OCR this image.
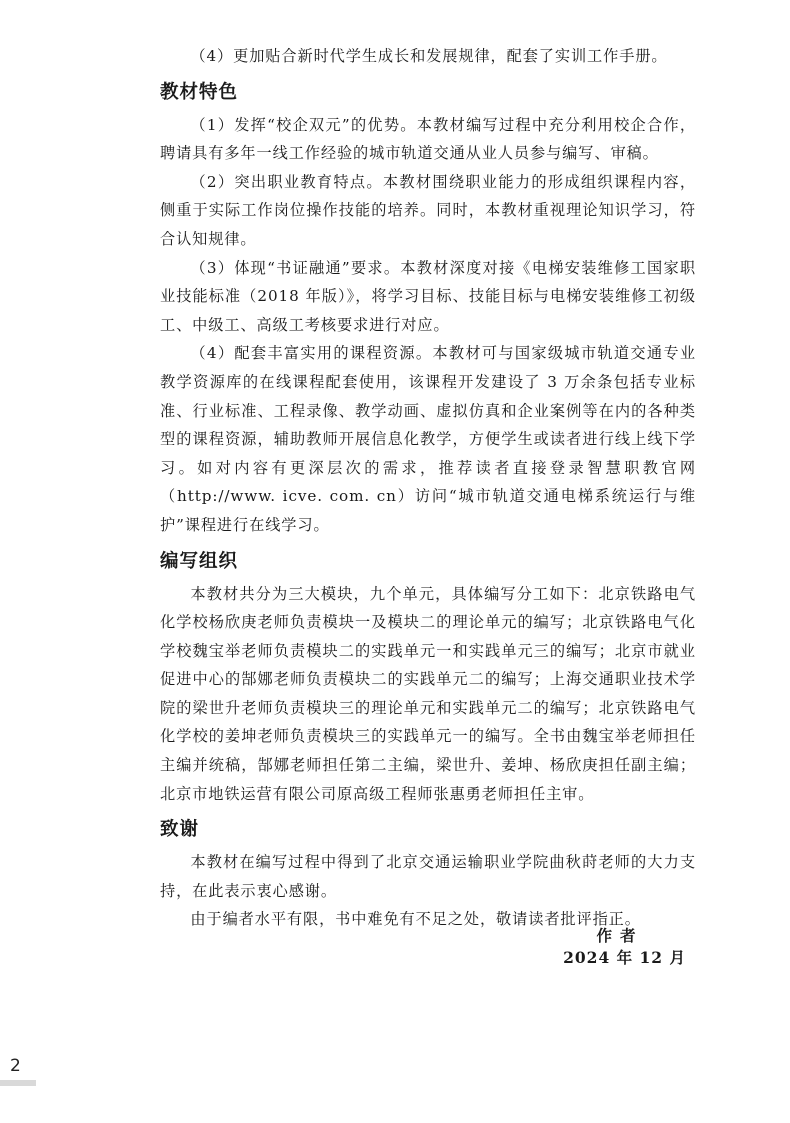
（4）更加贴合新时代学生成长和发展规律，配套了实训工作手册。

教材特色

（1）发挥“校企双元”的优势。本教材编写过程中充分利用校企合作，聘请具有多年一线工作经验的城市轨道交通从业人员参与编写、审稿。

（2）突出职业教育特点。本教材围绕职业能力的形成组织课程内容，侧重于实际工作岗位操作技能的培养。同时，本教材重视理论知识学习，符合认知规律。

（3）体现“书证融通”要求。本教材深度对接《电梯安装维修工国家职业技能标准（2018 年版）》，将学习目标、技能目标与电梯安装维修工初级工、中级工、高级工考核要求进行对应。

（4）配套丰富实用的课程资源。本教材可与国家级城市轨道交通专业教学资源库的在线课程配套使用，该课程开发建设了 3 万余条包括专业标准、行业标准、工程录像、教学动画、虚拟仿真和企业案例等在内的各种类型的课程资源，辅助教师开展信息化教学，方便学生或读者进行线上线下学习。如对内容有更深层次的需求，推荐读者直接登录智慧职教官网（http://www. icve. com. cn）访问“城市轨道交通电梯系统运行与维护”课程进行在线学习。

编写组织

本教材共分为三大模块，九个单元，具体编写分工如下：北京铁路电气化学校杨欣庚老师负责模块一及模块二的理论单元的编写；北京铁路电气化学校魏宝举老师负责模块二的实践单元一和实践单元三的编写；北京市就业促进中心的郜娜老师负责模块二的实践单元二的编写；上海交通职业技术学院的梁世升老师负责模块三的理论单元和实践单元二的编写；北京铁路电气化学校的姜坤老师负责模块三的实践单元一的编写。全书由魏宝举老师担任主编并统稿，郜娜老师担任第二主编，梁世升、姜坤、杨欣庚担任副主编；北京市地铁运营有限公司原高级工程师张惠勇老师担任主审。

致谢

本教材在编写过程中得到了北京交通运输职业学院曲秋莳老师的大力支持，在此表示衷心感谢。

由于编者水平有限，书中难免有不足之处，敬请读者批评指正。

作者
2024 年 12 月
2
